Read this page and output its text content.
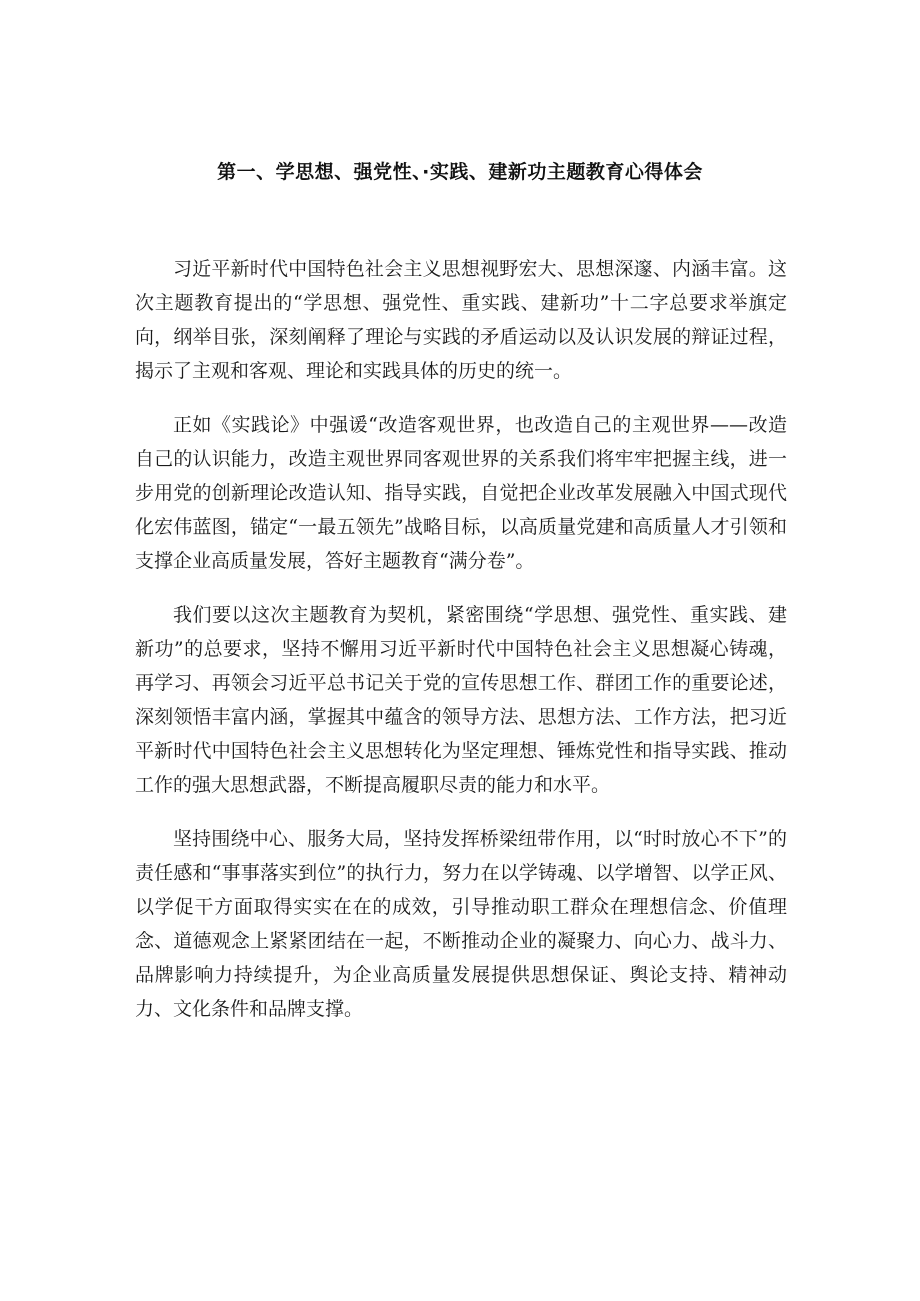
第一、学思想、强党性、·实践、建新功主题教育心得体会

习近平新时代中国特色社会主义思想视野宏大、思想深邃、内涵丰富。这次主题教育提出的“学思想、强党性、重实践、建新功”十二字总要求举旗定向，纲举目张，深刻阐释了理论与实践的矛盾运动以及认识发展的辩证过程，揭示了主观和客观、理论和实践具体的历史的统一。

正如《实践论》中强谖“改造客观世界，也改造自己的主观世界——改造自己的认识能力，改造主观世界同客观世界的关系我们将牢牢把握主线，进一步用党的创新理论改造认知、指导实践，自觉把企业改革发展融入中国式现代化宏伟蓝图，锚定“一最五领先”战略目标，以高质量党建和高质量人才引领和支撑企业高质量发展，答好主题教育“满分卷”。

我们要以这次主题教育为契机，紧密围绕“学思想、强党性、重实践、建新功”的总要求，坚持不懈用习近平新时代中国特色社会主义思想凝心铸魂，再学习、再领会习近平总书记关于党的宣传思想工作、群团工作的重要论述，深刻领悟丰富内涵，掌握其中蕴含的领导方法、思想方法、工作方法，把习近平新时代中国特色社会主义思想转化为坚定理想、锤炼党性和指导实践、推动工作的强大思想武器，不断提高履职尽责的能力和水平。

坚持围绕中心、服务大局，坚持发挥桥梁纽带作用，以“时时放心不下”的责任感和“事事落实到位”的执行力，努力在以学铸魂、以学增智、以学正风、以学促干方面取得实实在在的成效，引导推动职工群众在理想信念、价值理念、道德观念上紧紧团结在一起，不断推动企业的凝聚力、向心力、战斗力、品牌影响力持续提升，为企业高质量发展提供思想保证、舆论支持、精神动力、文化条件和品牌支撑。
